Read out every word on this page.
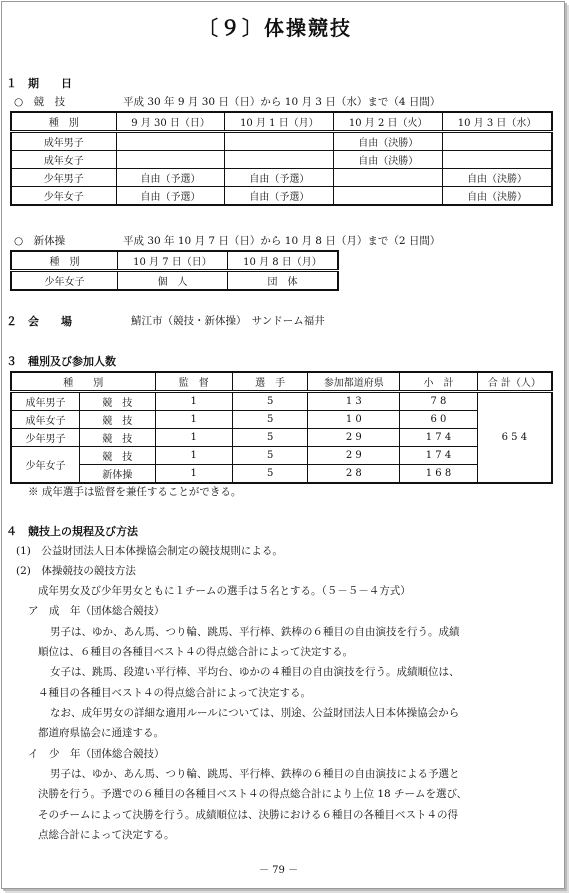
〔９〕体操競技
１　期　　日
○　競　技	平成 30 年 9 月 30 日（日）から 10 月 3 日（水）まで（4 日間）
種　別	9 月 30 日（日）	10 月 1 日（月）	10 月 2 日（火）	10 月 3 日（水）
成年男子			自由（決勝）	
成年女子			自由（決勝）	
少年男子	自由（予選）	自由（予選）		自由（決勝）
少年女子	自由（予選）	自由（予選）		自由（決勝）
○　新体操	平成 30 年 10 月 7 日（日）から 10 月 8 日（月）まで（2 日間）
種　別	10 月 7 日（日）	10 月 8 日（月）
少年女子	個　人	団　体
２　会　　場	鯖江市（競技・新体操）　サンドーム福井
３　種別及び参加人数
種　　別		監　督	選　手	参加都道府県	小　計	合 計（人）
成年男子	競　技	1	5	1 3	7 8	6 5 4
成年女子	競　技	1	5	1 0	6 0	
少年男子	競　技	1	5	2 9	1 7 4	
少年女子	競　技	1	5	2 9	1 7 4	
	新体操	1	5	2 8	1 6 8	
※ 成年選手は監督を兼任することができる。
４　競技上の規程及び方法
(1)　公益財団法人日本体操協会制定の競技規則による。
(2)　体操競技の競技方法
成年男女及び少年男女ともに１チームの選手は５名とする。（５－５－４方式）
ア　成　年（団体総合競技）
男子は、ゆか、あん馬、つり輪、跳馬、平行棒、鉄棒の６種目の自由演技を行う。成績
順位は、６種目の各種目ベスト４の得点総合計によって決定する。
女子は、跳馬、段違い平行棒、平均台、ゆかの４種目の自由演技を行う。成績順位は、
４種目の各種目ベスト４の得点総合計によって決定する。
なお、成年男女の詳細な適用ルールについては、別途、公益財団法人日本体操協会から
都道府県協会に通達する。
イ　少　年（団体総合競技）
男子は、ゆか、あん馬、つり輪、跳馬、平行棒、鉄棒の６種目の自由演技による予選と
決勝を行う。予選での６種目の各種目ベスト４の得点総合計により上位 18 チームを選び、
そのチームによって決勝を行う。成績順位は、決勝における６種目の各種目ベスト４の得
点総合計によって決定する。
－ 79 －
